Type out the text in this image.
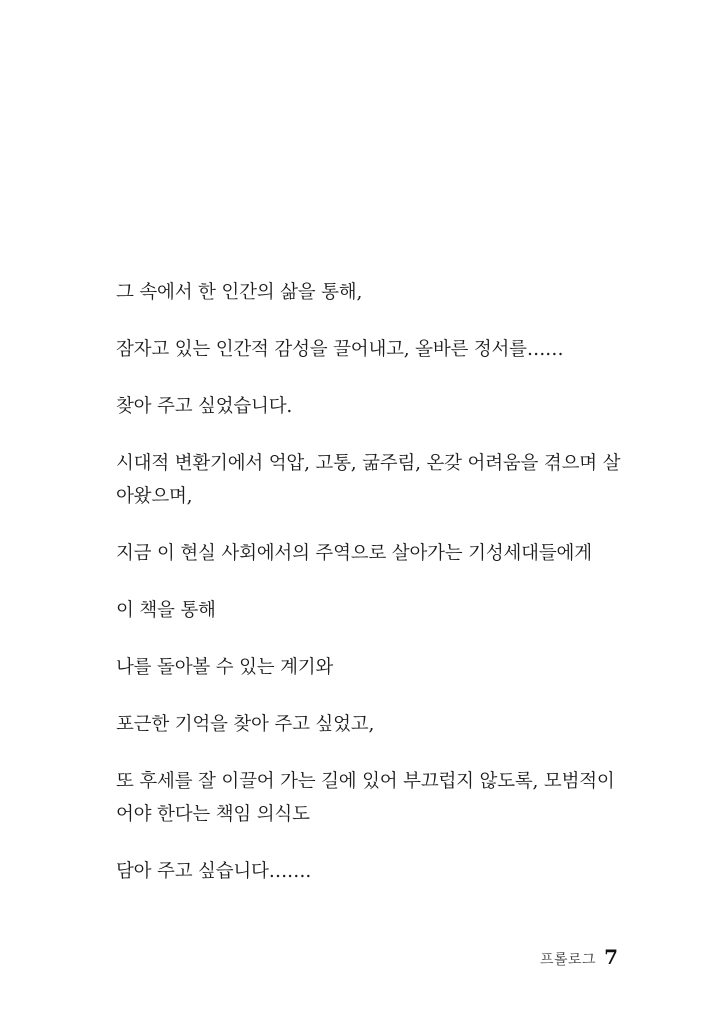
그 속에서 한 인간의 삶을 통해,
잠자고 있는 인간적 감성을 끌어내고, 올바른 정서를……
찾아 주고 싶었습니다.
시대적 변환기에서 억압, 고통, 굶주림, 온갖 어려움을 겪으며 살
아왔으며,
지금 이 현실 사회에서의 주역으로 살아가는 기성세대들에게
이 책을 통해
나를 돌아볼 수 있는 계기와
포근한 기억을 찾아 주고 싶었고,
또 후세를 잘 이끌어 가는 길에 있어 부끄럽지 않도록, 모범적이
어야 한다는 책임 의식도
담아 주고 싶습니다…….
프롤로그 7
